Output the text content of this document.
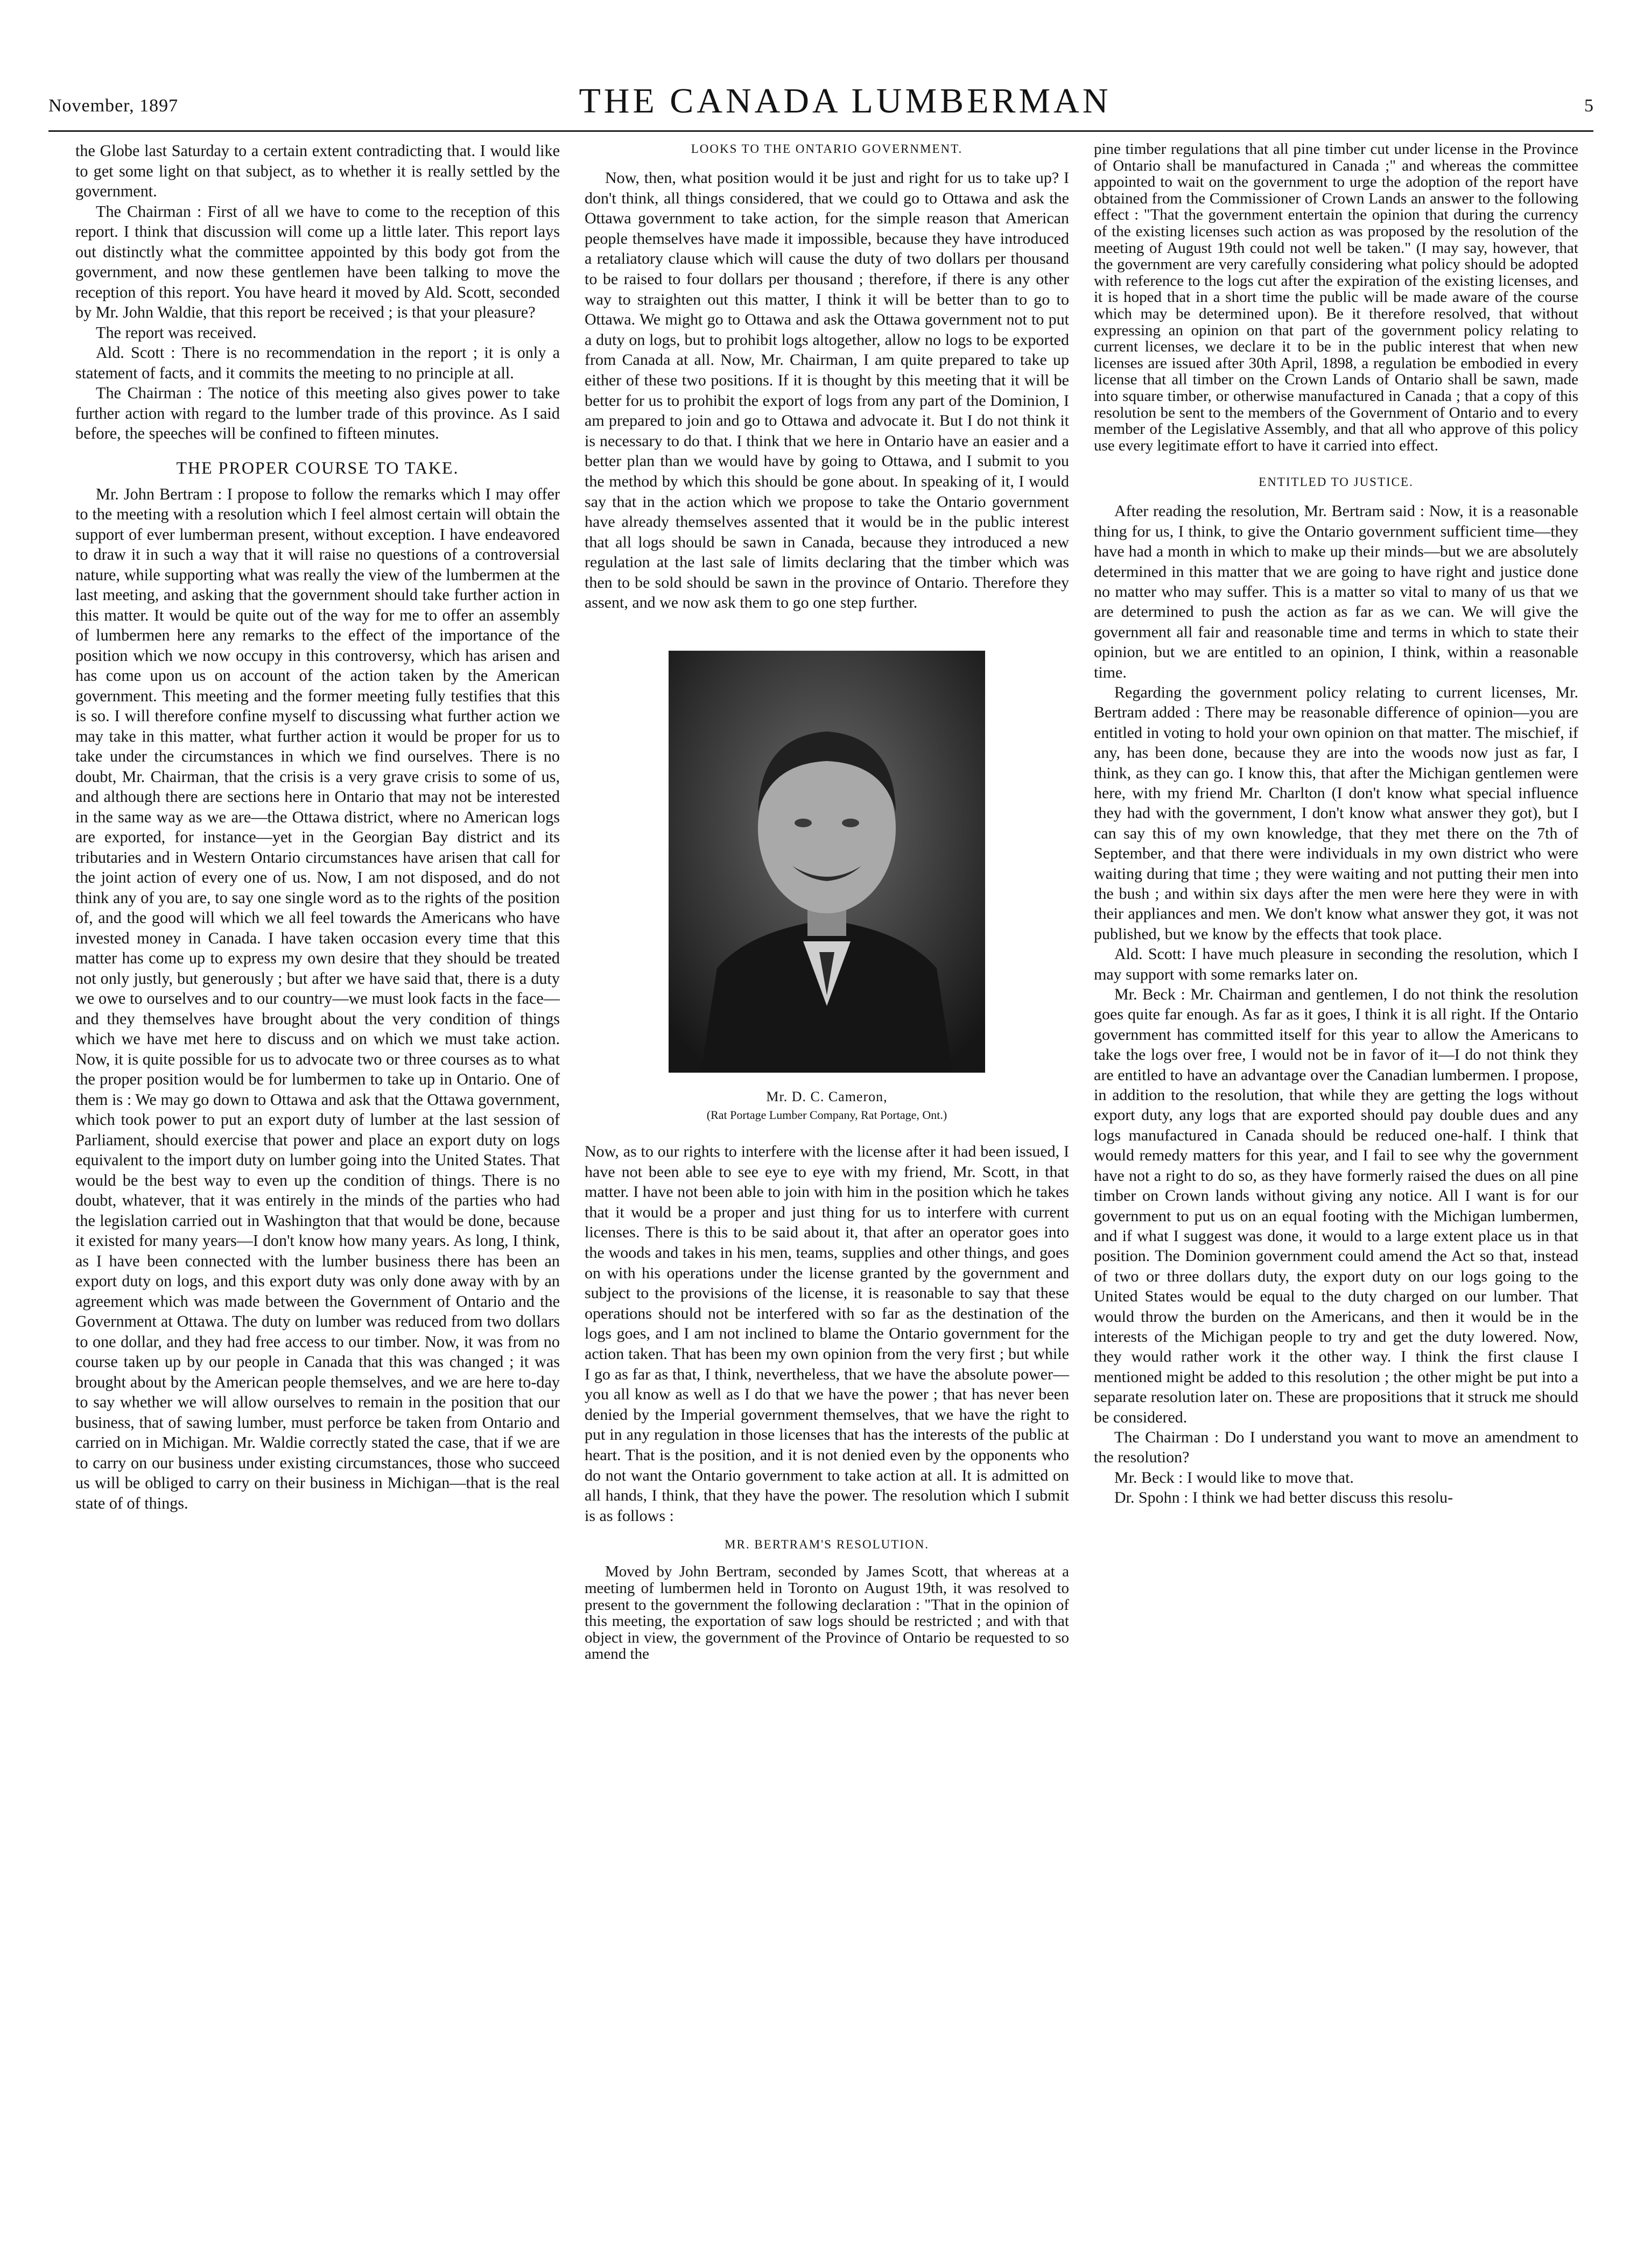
November, 1897	THE CANADA LUMBERMAN	5

the Globe last Saturday to a certain extent contradicting that. I would like to get some light on that subject, as to whether it is really settled by the government.

The Chairman : First of all we have to come to the reception of this report. I think that discussion will come up a little later. This report lays out distinctly what the committee appointed by this body got from the government, and now these gentlemen have been talking to move the reception of this report. You have heard it moved by Ald. Scott, seconded by Mr. John Waldie, that this report be received ; is that your pleasure?

The report was received.

Ald. Scott : There is no recommendation in the report ; it is only a statement of facts, and it commits the meeting to no principle at all.

The Chairman : The notice of this meeting also gives power to take further action with regard to the lumber trade of this province. As I said before, the speeches will be confined to fifteen minutes.

THE PROPER COURSE TO TAKE.

Mr. John Bertram : I propose to follow the remarks which I may offer to the meeting with a resolution which I feel almost certain will obtain the support of ever lumberman present, without exception. I have endeavored to draw it in such a way that it will raise no questions of a controversial nature, while supporting what was really the view of the lumbermen at the last meeting, and asking that the government should take further action in this matter. It would be quite out of the way for me to offer an assembly of lumbermen here any remarks to the effect of the importance of the position which we now occupy in this controversy, which has arisen and has come upon us on account of the action taken by the American government. This meeting and the former meeting fully testifies that this is so. I will therefore confine myself to discussing what further action we may take in this matter, what further action it would be proper for us to take under the circumstances in which we find ourselves. There is no doubt, Mr. Chairman, that the crisis is a very grave crisis to some of us, and although there are sections here in Ontario that may not be interested in the same way as we are—the Ottawa district, where no American logs are exported, for instance—yet in the Georgian Bay district and its tributaries and in Western Ontario circumstances have arisen that call for the joint action of every one of us. Now, I am not disposed, and do not think any of you are, to say one single word as to the rights of the position of, and the good will which we all feel towards the Americans who have invested money in Canada. I have taken occasion every time that this matter has come up to express my own desire that they should be treated not only justly, but generously ; but after we have said that, there is a duty we owe to ourselves and to our country—we must look facts in the face—and they themselves have brought about the very condition of things which we have met here to discuss and on which we must take action. Now, it is quite possible for us to advocate two or three courses as to what the proper position would be for lumbermen to take up in Ontario. One of them is : We may go down to Ottawa and ask that the Ottawa government, which took power to put an export duty of lumber at the last session of Parliament, should exercise that power and place an export duty on logs equivalent to the import duty on lumber going into the United States. That would be the best way to even up the condition of things. There is no doubt, whatever, that it was entirely in the minds of the parties who had the legislation carried out in Washington that that would be done, because it existed for many years—I don't know how many years. As long, I think, as I have been connected with the lumber business there has been an export duty on logs, and this export duty was only done away with by an agreement which was made between the Government of Ontario and the Government at Ottawa. The duty on lumber was reduced from two dollars to one dollar, and they had free access to our timber. Now, it was from no course taken up by our people in Canada that this was changed ; it was brought about by the American people themselves, and we are here to-day to say whether we will allow ourselves to remain in the position that our business, that of sawing lumber, must perforce be taken from Ontario and carried on in Michigan. Mr. Waldie correctly stated the case, that if we are to carry on our business under existing circumstances, those who succeed us will be obliged to carry on their business in Michigan—that is the real state of of things.

LOOKS TO THE ONTARIO GOVERNMENT.

Now, then, what position would it be just and right for us to take up? I don't think, all things considered, that we could go to Ottawa and ask the Ottawa government to take action, for the simple reason that American people themselves have made it impossible, because they have introduced a retaliatory clause which will cause the duty of two dollars per thousand to be raised to four dollars per thousand ; therefore, if there is any other way to straighten out this matter, I think it will be better than to go to Ottawa. We might go to Ottawa and ask the Ottawa government not to put a duty on logs, but to prohibit logs altogether, allow no logs to be exported from Canada at all. Now, Mr. Chairman, I am quite prepared to take up either of these two positions. If it is thought by this meeting that it will be better for us to prohibit the export of logs from any part of the Dominion, I am prepared to join and go to Ottawa and advocate it. But I do not think it is necessary to do that. I think that we here in Ontario have an easier and a better plan than we would have by going to Ottawa, and I submit to you the method by which this should be gone about. In speaking of it, I would say that in the action which we propose to take the Ontario government have already themselves assented that it would be in the public interest that all logs should be sawn in Canada, because they introduced a new regulation at the last sale of limits declaring that the timber which was then to be sold should be sawn in the province of Ontario. Therefore they assent, and we now ask them to go one step further.

Mr. D. C. Cameron,
(Rat Portage Lumber Company, Rat Portage, Ont.)

Now, as to our rights to interfere with the license after it had been issued, I have not been able to see eye to eye with my friend, Mr. Scott, in that matter. I have not been able to join with him in the position which he takes that it would be a proper and just thing for us to interfere with current licenses. There is this to be said about it, that after an operator goes into the woods and takes in his men, teams, supplies and other things, and goes on with his operations under the license granted by the government and subject to the provisions of the license, it is reasonable to say that these operations should not be interfered with so far as the destination of the logs goes, and I am not inclined to blame the Ontario government for the action taken. That has been my own opinion from the very first ; but while I go as far as that, I think, nevertheless, that we have the absolute power—you all know as well as I do that we have the power ; that has never been denied by the Imperial government themselves, that we have the right to put in any regulation in those licenses that has the interests of the public at heart. That is the position, and it is not denied even by the opponents who do not want the Ontario government to take action at all. It is admitted on all hands, I think, that they have the power. The resolution which I submit is as follows :

MR. BERTRAM'S RESOLUTION.

Moved by John Bertram, seconded by James Scott, that whereas at a meeting of lumbermen held in Toronto on August 19th, it was resolved to present to the government the following declaration : "That in the opinion of this meeting, the exportation of saw logs should be restricted ; and with that object in view, the government of the Province of Ontario be requested to so amend the

pine timber regulations that all pine timber cut under license in the Province of Ontario shall be manufactured in Canada ;" and whereas the committee appointed to wait on the government to urge the adoption of the report have obtained from the Commissioner of Crown Lands an answer to the following effect : "That the government entertain the opinion that during the currency of the existing licenses such action as was proposed by the resolution of the meeting of August 19th could not well be taken." (I may say, however, that the government are very carefully considering what policy should be adopted with reference to the logs cut after the expiration of the existing licenses, and it is hoped that in a short time the public will be made aware of the course which may be determined upon). Be it therefore resolved, that without expressing an opinion on that part of the government policy relating to current licenses, we declare it to be in the public interest that when new licenses are issued after 30th April, 1898, a regulation be embodied in every license that all timber on the Crown Lands of Ontario shall be sawn, made into square timber, or otherwise manufactured in Canada ; that a copy of this resolution be sent to the members of the Government of Ontario and to every member of the Legislative Assembly, and that all who approve of this policy use every legitimate effort to have it carried into effect.

ENTITLED TO JUSTICE.

After reading the resolution, Mr. Bertram said : Now, it is a reasonable thing for us, I think, to give the Ontario government sufficient time—they have had a month in which to make up their minds—but we are absolutely determined in this matter that we are going to have right and justice done no matter who may suffer. This is a matter so vital to many of us that we are determined to push the action as far as we can. We will give the government all fair and reasonable time and terms in which to state their opinion, but we are entitled to an opinion, I think, within a reasonable time.

Regarding the government policy relating to current licenses, Mr. Bertram added : There may be reasonable difference of opinion—you are entitled in voting to hold your own opinion on that matter. The mischief, if any, has been done, because they are into the woods now just as far, I think, as they can go. I know this, that after the Michigan gentlemen were here, with my friend Mr. Charlton (I don't know what special influence they had with the government, I don't know what answer they got), but I can say this of my own knowledge, that they met there on the 7th of September, and that there were individuals in my own district who were waiting during that time ; they were waiting and not putting their men into the bush ; and within six days after the men were here they were in with their appliances and men. We don't know what answer they got, it was not published, but we know by the effects that took place.

Ald. Scott: I have much pleasure in seconding the resolution, which I may support with some remarks later on.

Mr. Beck : Mr. Chairman and gentlemen, I do not think the resolution goes quite far enough. As far as it goes, I think it is all right. If the Ontario government has committed itself for this year to allow the Americans to take the logs over free, I would not be in favor of it—I do not think they are entitled to have an advantage over the Canadian lumbermen. I propose, in addition to the resolution, that while they are getting the logs without export duty, any logs that are exported should pay double dues and any logs manufactured in Canada should be reduced one-half. I think that would remedy matters for this year, and I fail to see why the government have not a right to do so, as they have formerly raised the dues on all pine timber on Crown lands without giving any notice. All I want is for our government to put us on an equal footing with the Michigan lumbermen, and if what I suggest was done, it would to a large extent place us in that position. The Dominion government could amend the Act so that, instead of two or three dollars duty, the export duty on our logs going to the United States would be equal to the duty charged on our lumber. That would throw the burden on the Americans, and then it would be in the interests of the Michigan people to try and get the duty lowered. Now, they would rather work it the other way. I think the first clause I mentioned might be added to this resolution ; the other might be put into a separate resolution later on. These are propositions that it struck me should be considered.

The Chairman : Do I understand you want to move an amendment to the resolution?

Mr. Beck : I would like to move that.

Dr. Spohn : I think we had better discuss this resolu-
